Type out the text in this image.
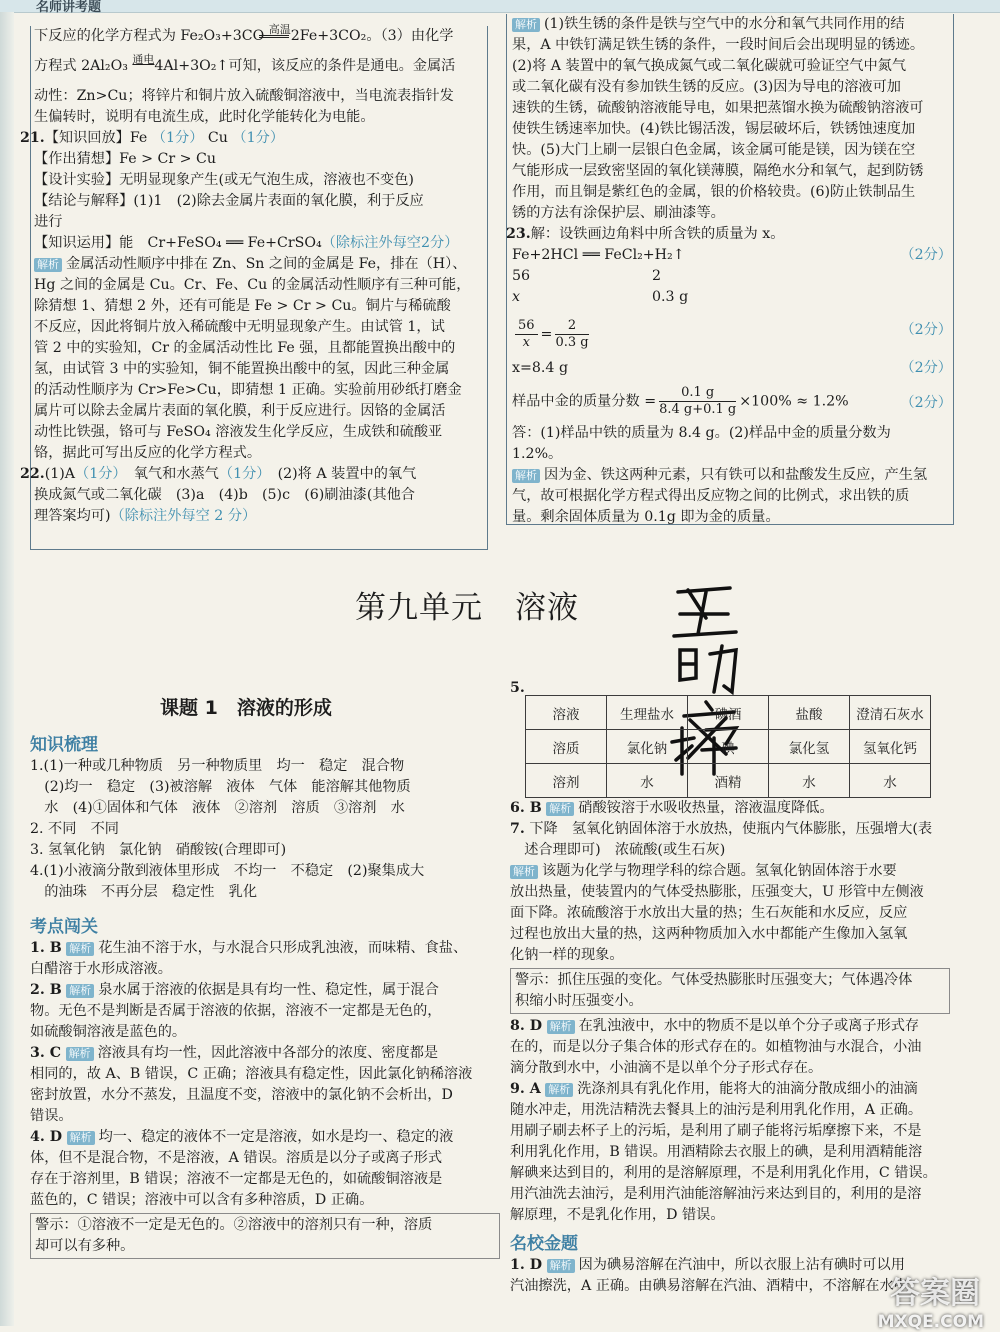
名师讲考题

下反应的化学方程式为 Fe₂O₃+3CO 高温2Fe+3CO₂。（3）由化学

方程式 2Al₂O₃ 通电4Al+3O₂↑可知，该反应的条件是通电。金属活

动性：Zn>Cu；将锌片和铜片放入硫酸铜溶液中，当电流表指针发

生偏转时，说明有电流生成，此时化学能转化为电能。

21.【知识回放】Fe （1分） Cu （1分）

【作出猜想】Fe > Cr > Cu

【设计实验】无明显现象产生(或无气泡生成，溶液也不变色)

【结论与解释】(1)1　(2)除去金属片表面的氧化膜，利于反应

进行

【知识运用】能　Cr+FeSO₄ ══ Fe+CrSO₄（除标注外每空2分）

解析 金属活动性顺序中排在 Zn、Sn 之间的金属是 Fe，排在（H）、

Hg 之间的金属是 Cu。Cr、Fe、Cu 的金属活动性顺序有三种可能，

除猜想 1、猜想 2 外，还有可能是 Fe > Cr > Cu。铜片与稀硫酸

不反应，因此将铜片放入稀硫酸中无明显现象产生。由试管 1，试

管 2 中的实验知，Cr 的金属活动性比 Fe 强，且都能置换出酸中的

氢，由试管 3 中的实验知，铜不能置换出酸中的氢，因此三种金属

的活动性顺序为 Cr>Fe>Cu，即猜想 1 正确。实验前用砂纸打磨金

属片可以除去金属片表面的氧化膜，利于反应进行。因铬的金属活

动性比铁强，铬可与 FeSO₄ 溶液发生化学反应，生成铁和硫酸亚

铬，据此可写出反应的化学方程式。

22.(1)A（1分）　 氧气和水蒸气（1分）　 (2)将 A 装置中的氧气

换成氮气或二氧化碳　(3)a　(4)b　(5)c　(6)刷油漆(其他合

理答案均可)（除标注外每空 2 分）

解析 (1)铁生锈的条件是铁与空气中的水分和氧气共同作用的结

果，A 中铁钉满足铁生锈的条件，一段时间后会出现明显的锈迹。

(2)将 A 装置中的氧气换成氮气或二氧化碳就可验证空气中氮气

或二氧化碳有没有参加铁生锈的反应。(3)因为导电的溶液可加

速铁的生锈，硫酸钠溶液能导电，如果把蒸馏水换为硫酸钠溶液可

使铁生锈速率加快。(4)铁比锡活泼，锡层破坏后，铁锈蚀速度加

快。(5)大门上刷一层银白色金属，该金属可能是镁，因为镁在空

气能形成一层致密坚固的氧化镁薄膜，隔绝水分和氧气，起到防锈

作用，而且铜是紫红色的金属，银的价格较贵。(6)防止铁制品生

锈的方法有涂保护层、刷油漆等。

23.解：设铁画边角料中所含铁的质量为 x。

Fe+2HCl ══ FeCl₂+H₂↑	（2分）

56	2

x	0.3 g

$\frac{56}{x} = \frac{2}{0.3 g}$	（2分）

x=8.4 g	（2分）

样品中金的质量分数 = $\frac{0.1 g}{8.4 g+0.1 g} \times 100\% \approx 1.2\%$	（2分）

答：(1)样品中铁的质量为 8.4 g。(2)样品中金的质量分数为

1.2%。

解析 因为金、铁这两种元素，只有铁可以和盐酸发生反应，产生氢

气，故可根据化学方程式得出反应物之间的比例式，求出铁的质

量。剩余固体质量为 0.1g 即为金的质量。

第九单元　溶液
课题 1　溶液的形成
知识梳理

1.(1)一种或几种物质　另一种物质里　均一　稳定　混合物

　(2)均一　稳定　(3)被溶解　液体　气体　能溶解其他物质

　水　(4)①固体和气体　液体　②溶剂　溶质　③溶剂　水

2. 不同　不同

3. 氢氧化钠　氯化钠　硝酸铵(合理即可)

4.(1)小液滴分散到液体里形成　不均一　不稳定　(2)聚集成大

　的油珠　不再分层　稳定性　乳化

考点闯关

1. B 解析 花生油不溶于水，与水混合只形成乳浊液，而味精、食盐、

白醋溶于水形成溶液。

2. B 解析 泉水属于溶液的依据是具有均一性、稳定性，属于混合

物。无色不是判断是否属于溶液的依据，溶液不一定都是无色的，

如硫酸铜溶液是蓝色的。

3. C 解析 溶液具有均一性，因此溶液中各部分的浓度、密度都是

相同的，故 A、B 错误，C 正确；溶液具有稳定性，因此氯化钠稀溶液

密封放置，水分不蒸发，且温度不变，溶液中的氯化钠不会析出，D

错误。

4. D 解析 均一、稳定的液体不一定是溶液，如水是均一、稳定的液

体，但不是混合物，不是溶液，A 错误。溶质是以分子或离子形式

存在于溶剂里，B 错误；溶液不一定都是无色的，如硫酸铜溶液是

蓝色的，C 错误；溶液中可以含有多种溶质，D 正确。

警示：①溶液不一定是无色的。②溶液中的溶剂只有一种，溶质

却可以有多种。

5.

溶液	生理盐水	碘酒	盐酸	澄清石灰水
溶质	氯化钠	碘	氯化氢	氢氧化钙
溶剂	水	酒精	水	水

6. B 解析 硝酸铵溶于水吸收热量，溶液温度降低。

7. 下降　氢氧化钠固体溶于水放热，使瓶内气体膨胀，压强增大(表

　述合理即可)　浓硫酸(或生石灰)

解析 该题为化学与物理学科的综合题。氢氧化钠固体溶于水要

放出热量，使装置内的气体受热膨胀，压强变大，U 形管中左侧液

面下降。浓硫酸溶于水放出大量的热；生石灰能和水反应，反应

过程也放出大量的热，这两种物质加入水中都能产生像加入氢氧

化钠一样的现象。

警示：抓住压强的变化。气体受热膨胀时压强变大；气体遇冷体

积缩小时压强变小。

8. D 解析 在乳浊液中，水中的物质不是以单个分子或离子形式存

在的，而是以分子集合体的形式存在的。如植物油与水混合，小油

滴分散到水中，小油滴不是以单个分子形式存在。

9. A 解析 洗涤剂具有乳化作用，能将大的油滴分散成细小的油滴

随水冲走，用洗洁精洗去餐具上的油污是利用乳化作用，A 正确。

用刷子刷去杯子上的污垢，是利用了刷子能将污垢摩擦下来，不是

利用乳化作用，B 错误。用酒精除去衣服上的碘，是利用酒精能溶

解碘来达到目的，利用的是溶解原理，不是利用乳化作用，C 错误。

用汽油洗去油污，是利用汽油能溶解油污来达到目的，利用的是溶

解原理，不是乳化作用，D 错误。

名校金题

1. D 解析 因为碘易溶解在汽油中，所以衣服上沾有碘时可以用

汽油擦洗，A 正确。由碘易溶解在汽油、酒精中，不溶解在水中

答案圈
MXQE.COM
